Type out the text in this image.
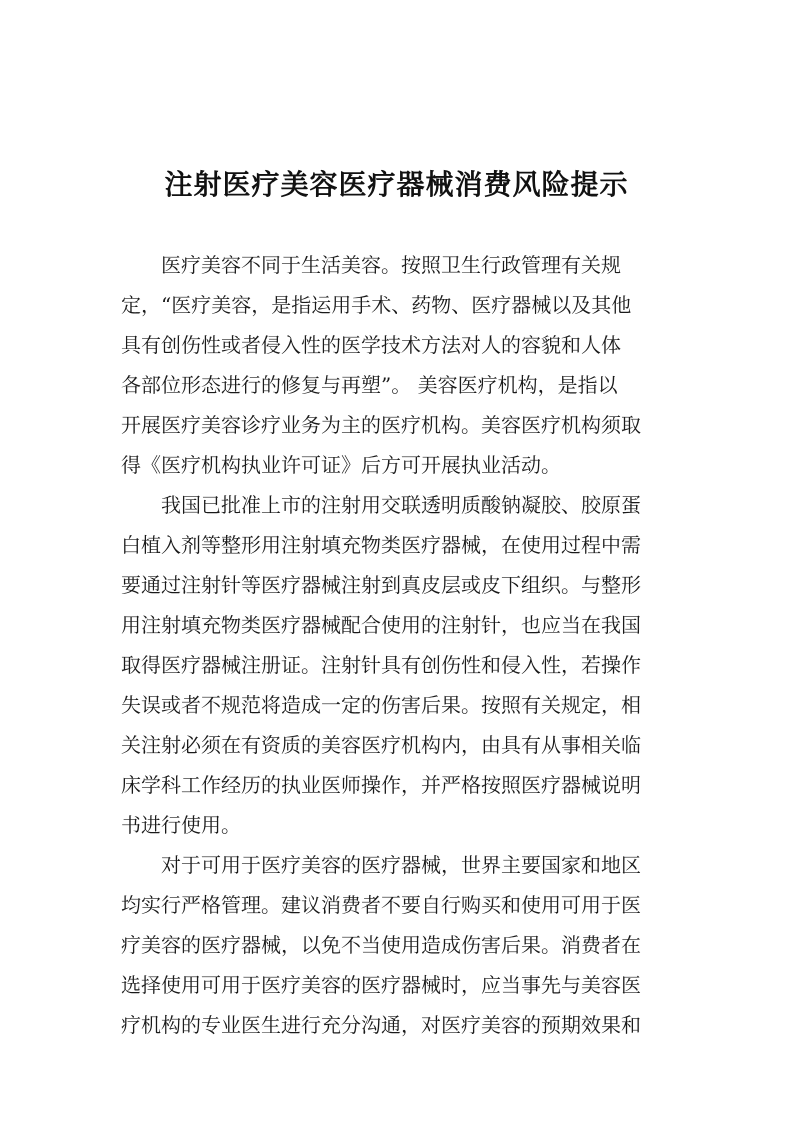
注射医疗美容医疗器械消费风险提示
医疗美容不同于生活美容。按照卫生行政管理有关规
定，“医疗美容，是指运用手术、药物、医疗器械以及其他
具有创伤性或者侵入性的医学技术方法对人的容貌和人体
各部位形态进行的修复与再塑”。 美容医疗机构，是指以
开展医疗美容诊疗业务为主的医疗机构。美容医疗机构须取
得《医疗机构执业许可证》后方可开展执业活动。
我国已批准上市的注射用交联透明质酸钠凝胶、胶原蛋
白植入剂等整形用注射填充物类医疗器械，在使用过程中需
要通过注射针等医疗器械注射到真皮层或皮下组织。与整形
用注射填充物类医疗器械配合使用的注射针，也应当在我国
取得医疗器械注册证。注射针具有创伤性和侵入性，若操作
失误或者不规范将造成一定的伤害后果。按照有关规定，相
关注射必须在有资质的美容医疗机构内，由具有从事相关临
床学科工作经历的执业医师操作，并严格按照医疗器械说明
书进行使用。
对于可用于医疗美容的医疗器械，世界主要国家和地区
均实行严格管理。建议消费者不要自行购买和使用可用于医
疗美容的医疗器械，以免不当使用造成伤害后果。消费者在
选择使用可用于医疗美容的医疗器械时，应当事先与美容医
疗机构的专业医生进行充分沟通，对医疗美容的预期效果和
